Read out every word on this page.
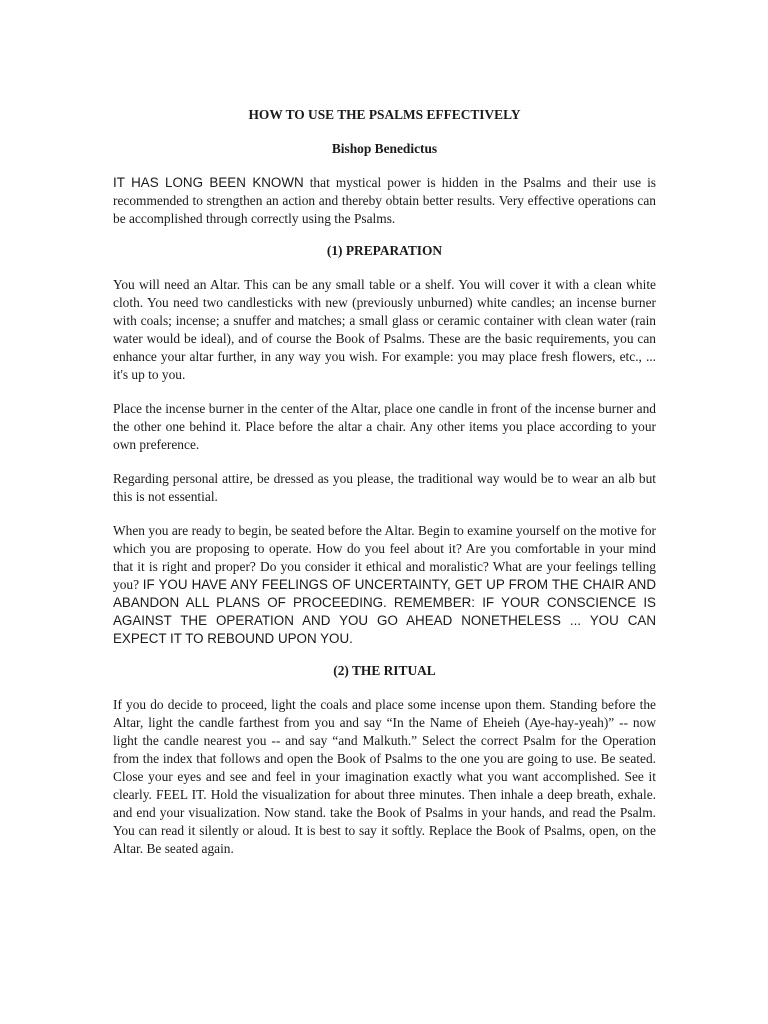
HOW TO USE THE PSALMS EFFECTIVELY
Bishop Benedictus

IT HAS LONG BEEN KNOWN that mystical power is hidden in the Psalms and their use is recommended to strengthen an action and thereby obtain better results. Very effective operations can be accomplished through correctly using the Psalms.

(1) PREPARATION

You will need an Altar. This can be any small table or a shelf. You will cover it with a clean white cloth. You need two candlesticks with new (previously unburned) white candles; an incense burner with coals; incense; a snuffer and matches; a small glass or ceramic container with clean water (rain water would be ideal), and of course the Book of Psalms. These are the basic requirements, you can enhance your altar further, in any way you wish. For example: you may place fresh flowers, etc., ... it's up to you.

Place the incense burner in the center of the Altar, place one candle in front of the incense burner and the other one behind it. Place before the altar a chair. Any other items you place according to your own preference.

Regarding personal attire, be dressed as you please, the traditional way would be to wear an alb but this is not essential.

When you are ready to begin, be seated before the Altar. Begin to examine yourself on the motive for which you are proposing to operate. How do you feel about it? Are you comfortable in your mind that it is right and proper? Do you consider it ethical and moralistic? What are your feelings telling you? IF YOU HAVE ANY FEELINGS OF UNCERTAINTY, GET UP FROM THE CHAIR AND ABANDON ALL PLANS OF PROCEEDING. REMEMBER: IF YOUR CONSCIENCE IS AGAINST THE OPERATION AND YOU GO AHEAD NONETHELESS ... YOU CAN EXPECT IT TO REBOUND UPON YOU.

(2) THE RITUAL

If you do decide to proceed, light the coals and place some incense upon them. Standing before the Altar, light the candle farthest from you and say “In the Name of Eheieh (Aye-hay-yeah)” -- now light the candle nearest you -- and say “and Malkuth.” Select the correct Psalm for the Operation from the index that follows and open the Book of Psalms to the one you are going to use. Be seated. Close your eyes and see and feel in your imagination exactly what you want accomplished. See it clearly. FEEL IT. Hold the visualization for about three minutes. Then inhale a deep breath, exhale. and end your visualization. Now stand. take the Book of Psalms in your hands, and read the Psalm. You can read it silently or aloud. It is best to say it softly. Replace the Book of Psalms, open, on the Altar. Be seated again.
